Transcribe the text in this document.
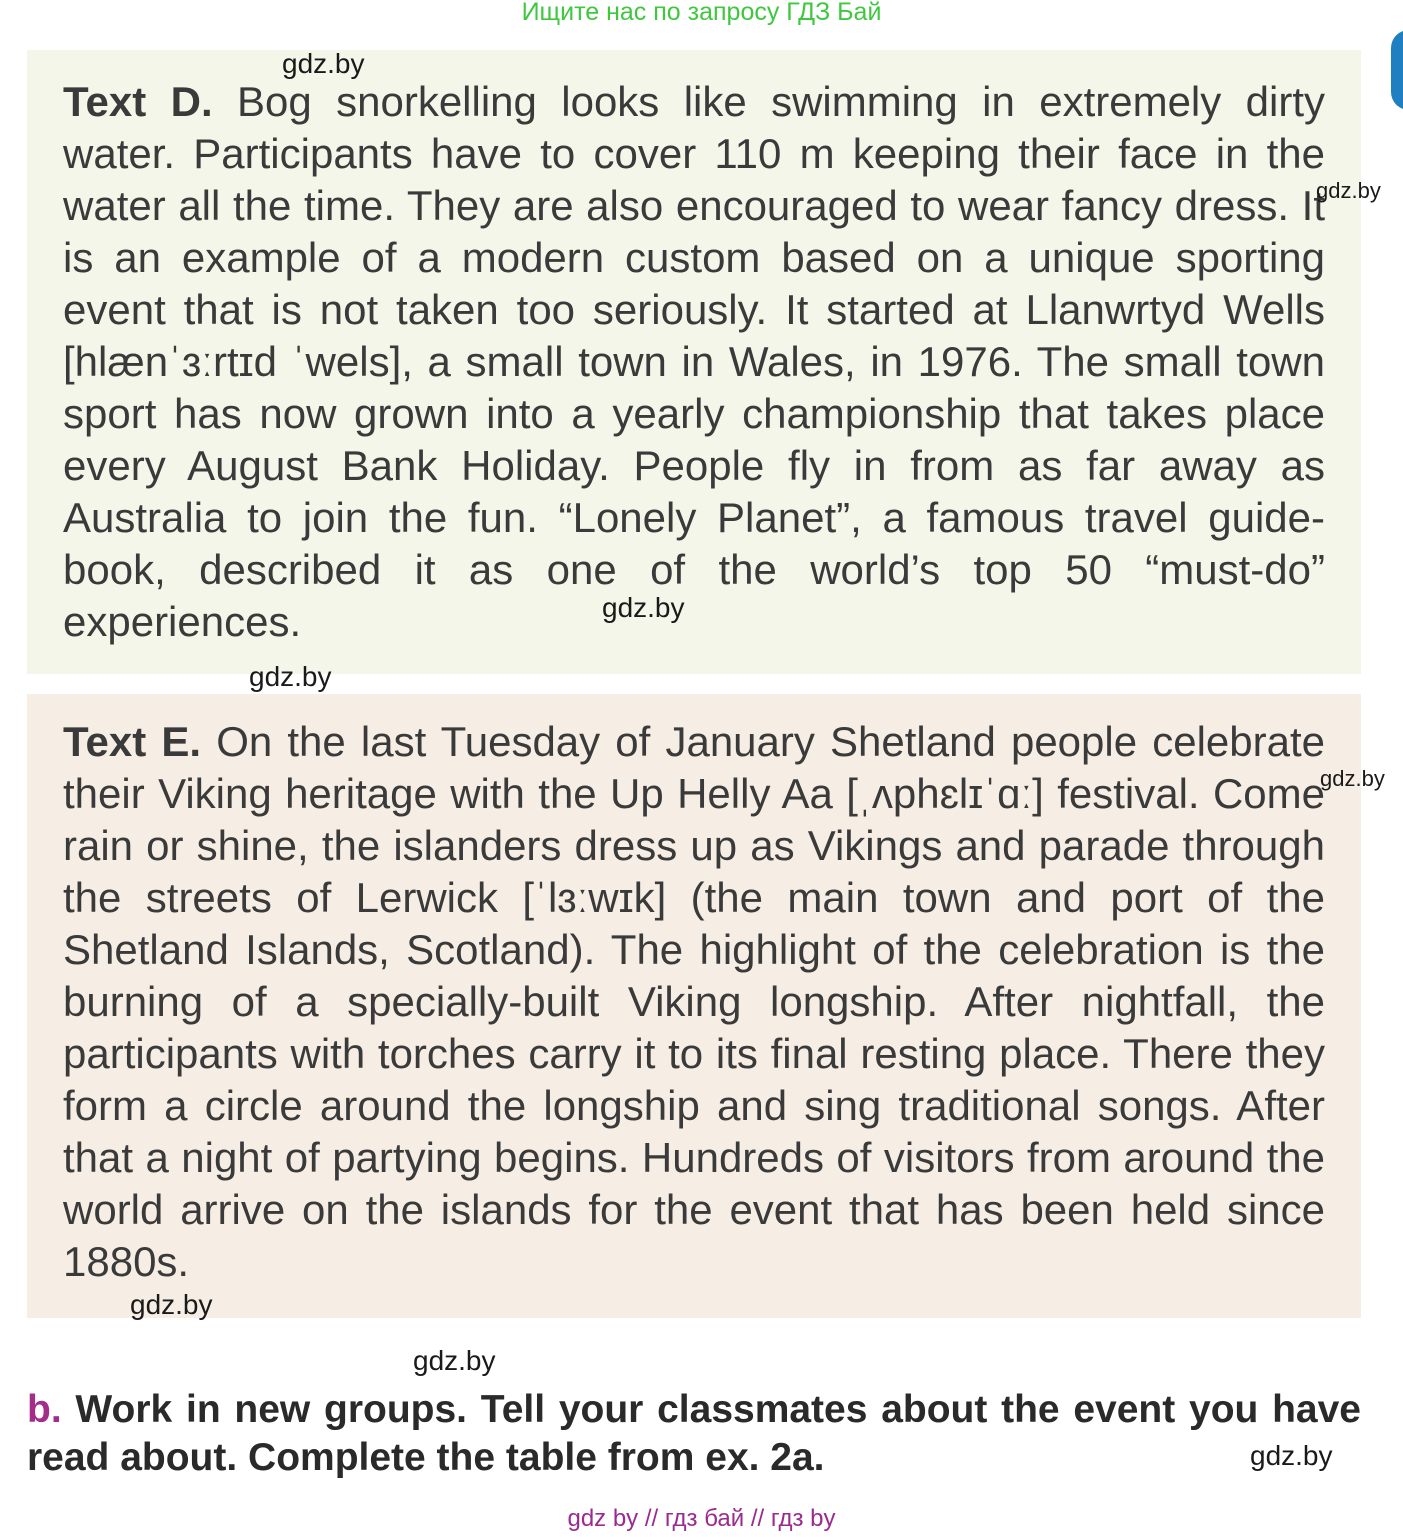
Ищите нас по запросу ГДЗ Бай

Text D. Bog snorkelling looks like swimming in extremely dirty water. Participants have to cover 110 m keeping their face in the water all the time. They are also encouraged to wear fancy dress. It is an example of a modern custom based on a unique sporting event that is not taken too seriously. It started at Llanwrtyd Wells [hlænˈɜːrtɪd ˈwels], a small town in Wales, in 1976. The small town sport has now grown into a yearly championship that takes place every August Bank Holiday. People fly in from as far away as Australia to join the fun. “Lonely Planet”, a famous travel guide-book, described it as one of the world’s top 50 “must-do” experiences.

Text E. On the last Tuesday of January Shetland people celebrate their Viking heritage with the Up Helly Aa [ˌʌphɛlɪˈɑː] festival. Come rain or shine, the islanders dress up as Vikings and parade through the streets of Lerwick [ˈlɜːwɪk] (the main town and port of the Shetland Islands, Scotland). The highlight of the celebration is the burning of a specially-built Viking longship. After nightfall, the participants with torches carry it to its final resting place. There they form a circle around the longship and sing traditional songs. After that a night of partying begins. Hundreds of visitors from around the world arrive on the islands for the event that has been held since 1880s.

b. Work in new groups. Tell your classmates about the event you have read about. Complete the table from ex. 2a.

gdz.by
gdz.by
gdz.by
gdz.by
gdz.by
gdz.by
gdz.by
gdz.by
gdz by // гдз бай // гдз by
